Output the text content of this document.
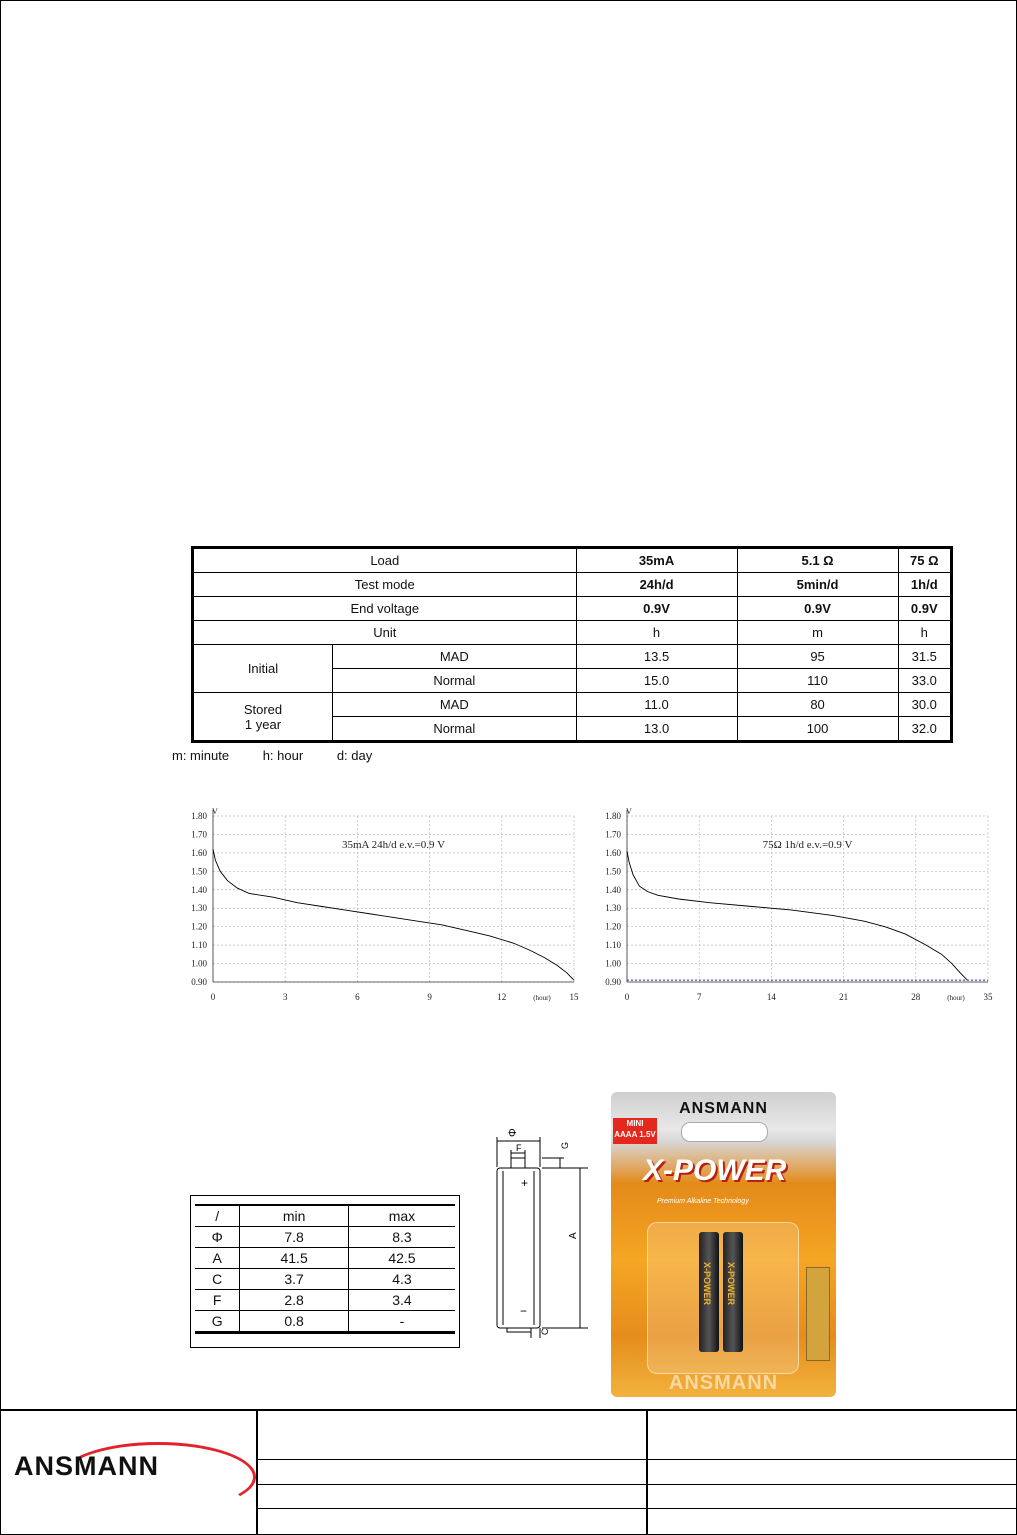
Load		35mA	5.1 Ω	75 Ω
Test mode		24h/d	5min/d	1h/d
End voltage		0.9V	0.9V	0.9V
Unit		h	m	h
Initial	MAD	13.5	95	31.5
	Normal	15.0	110	33.0

Stored
1 year	MAD	11.0	80	30.0
	Normal	13.0	100	32.0
m: minute	h: hour	d: day
1.80
1.70
1.60
1.50
1.40
1.30
1.20
1.10
1.00
0.90
0	3	6	9	12	15
V
(hour)
35mA 24h/d e.v.=0.9 V
1.80
1.70
1.60
1.50
1.40
1.30
1.20
1.10
1.00
0.90
0	7	14	21	28	35
V
(hour)
75Ω 1h/d e.v.=0.9 V
/	min	max
Φ	7.8	8.3
A	41.5	42.5
C	3.7	4.3
F	2.8	3.4
G	0.8	-
Φ
F	G
A
C
+
−
ANSMANN
MINI
AAAA 1.5V
X-POWER
Premium Alkaline Technology
X-POWER X-POWER
ANSMANN
ANSMANN
